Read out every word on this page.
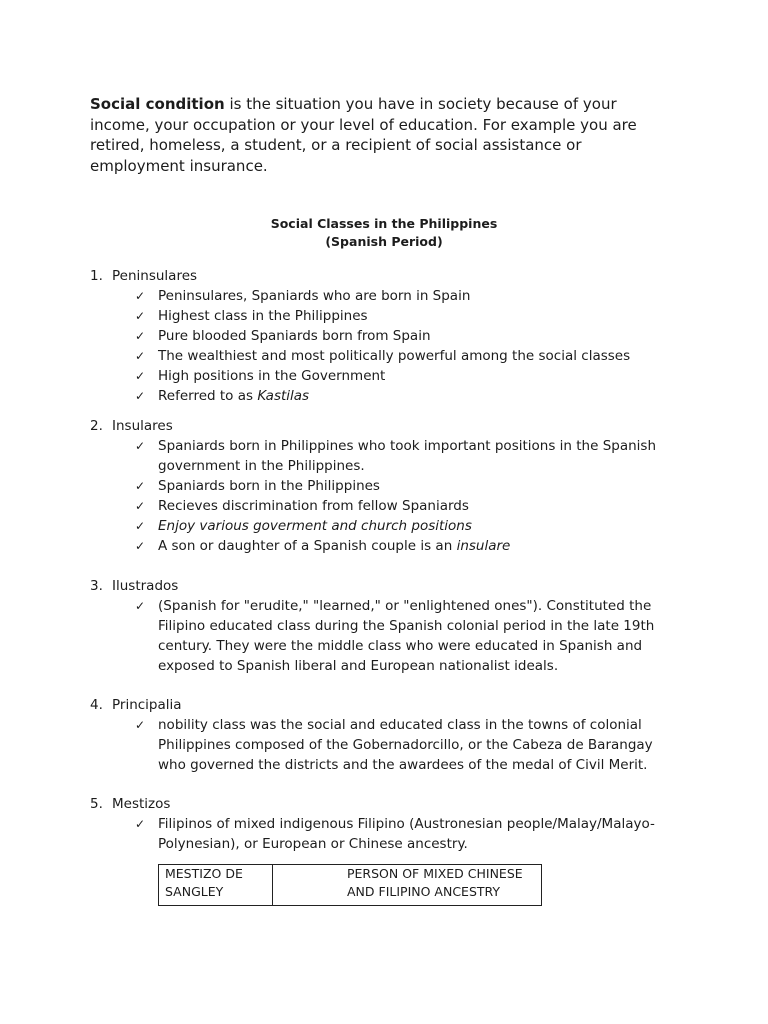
Social condition is the situation you have in society because of your income, your occupation or your level of education. For example you are retired, homeless, a student, or a recipient of social assistance or employment insurance.

Social Classes in the Philippines

(Spanish Period)

1. Peninsulares
✓ Peninsulares, Spaniards who are born in Spain
✓ Highest class in the Philippines
✓ Pure blooded Spaniards born from Spain
✓ The wealthiest and most politically powerful among the social classes
✓ High positions in the Government
✓ Referred to as Kastilas
2. Insulares
✓ Spaniards born in Philippines who took important positions in the Spanish government in the Philippines.
✓ Spaniards born in the Philippines
✓ Recieves discrimination from fellow Spaniards
✓ Enjoy various goverment and church positions
✓ A son or daughter of a Spanish couple is an insulare
3. Ilustrados
✓ (Spanish for "erudite," "learned," or "enlightened ones"). Constituted the Filipino educated class during the Spanish colonial period in the late 19th century. They were the middle class who were educated in Spanish and exposed to Spanish liberal and European nationalist ideals.
4. Principalia
✓ nobility class was the social and educated class in the towns of colonial Philippines composed of the Gobernadorcillo, or the Cabeza de Barangay who governed the districts and the awardees of the medal of Civil Merit.
5. Mestizos
✓ Filipinos of mixed indigenous Filipino (Austronesian people/Malay/Malayo-Polynesian), or European or Chinese ancestry.
MESTIZO DE SANGLEY
PERSON OF MIXED CHINESE AND FILIPINO ANCESTRY
